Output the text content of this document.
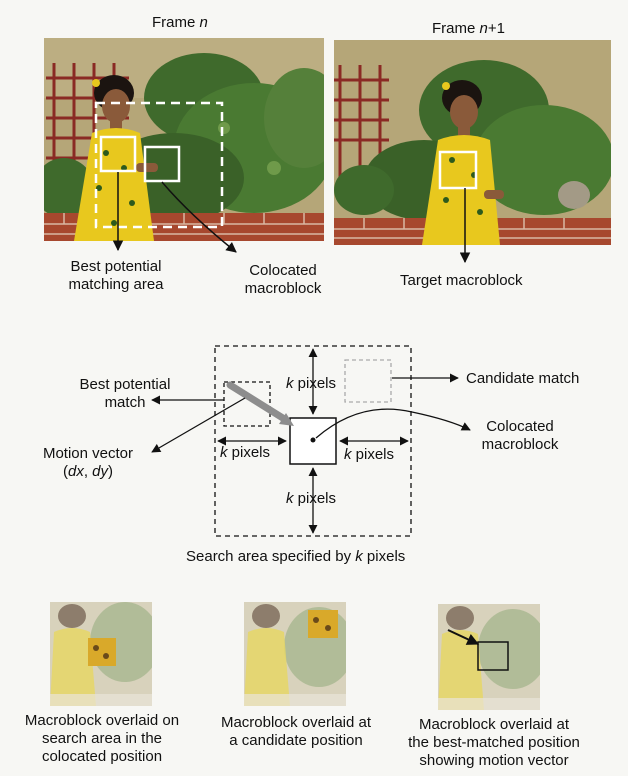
Frame n	Frame n+1
Best potential
matching area
Colocated
macroblock	Target macroblock
k pixels
k pixels	k pixels
k pixels
Best potential
match
Candidate match
Colocated
macroblock
Motion vector
(dx, dy)
Search area specified by k pixels
Macroblock overlaid on
search area in the
colocated position
Macroblock overlaid at
a candidate position
Macroblock overlaid at
the best-matched position
showing motion vector
